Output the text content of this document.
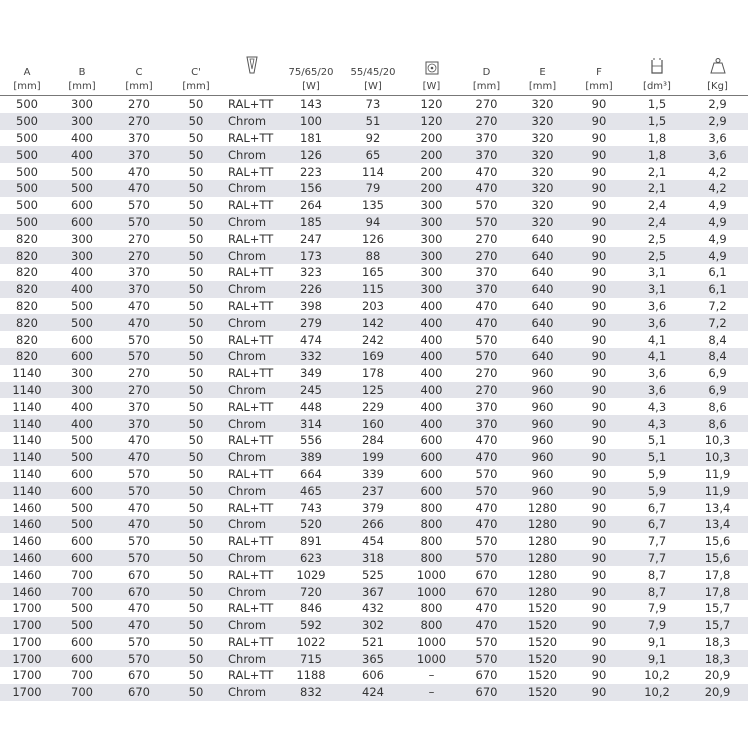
A	B	C	C'		75/65/20	55/45/20		D	E	F	

[mm]	[mm]	[mm]	[mm]		[W]	[W]	[W]	[mm]	[mm]	[mm]	[dm³]	[Kg]
500	300	270	50	RAL+TT	143	73	120	270	320	90	1,5	2,9
500	300	270	50	Chrom	100	51	120	270	320	90	1,5	2,9
500	400	370	50	RAL+TT	181	92	200	370	320	90	1,8	3,6
500	400	370	50	Chrom	126	65	200	370	320	90	1,8	3,6
500	500	470	50	RAL+TT	223	114	200	470	320	90	2,1	4,2
500	500	470	50	Chrom	156	79	200	470	320	90	2,1	4,2
500	600	570	50	RAL+TT	264	135	300	570	320	90	2,4	4,9
500	600	570	50	Chrom	185	94	300	570	320	90	2,4	4,9
820	300	270	50	RAL+TT	247	126	300	270	640	90	2,5	4,9
820	300	270	50	Chrom	173	88	300	270	640	90	2,5	4,9
820	400	370	50	RAL+TT	323	165	300	370	640	90	3,1	6,1
820	400	370	50	Chrom	226	115	300	370	640	90	3,1	6,1
820	500	470	50	RAL+TT	398	203	400	470	640	90	3,6	7,2
820	500	470	50	Chrom	279	142	400	470	640	90	3,6	7,2
820	600	570	50	RAL+TT	474	242	400	570	640	90	4,1	8,4
820	600	570	50	Chrom	332	169	400	570	640	90	4,1	8,4
1140	300	270	50	RAL+TT	349	178	400	270	960	90	3,6	6,9
1140	300	270	50	Chrom	245	125	400	270	960	90	3,6	6,9
1140	400	370	50	RAL+TT	448	229	400	370	960	90	4,3	8,6
1140	400	370	50	Chrom	314	160	400	370	960	90	4,3	8,6
1140	500	470	50	RAL+TT	556	284	600	470	960	90	5,1	10,3
1140	500	470	50	Chrom	389	199	600	470	960	90	5,1	10,3
1140	600	570	50	RAL+TT	664	339	600	570	960	90	5,9	11,9
1140	600	570	50	Chrom	465	237	600	570	960	90	5,9	11,9
1460	500	470	50	RAL+TT	743	379	800	470	1280	90	6,7	13,4
1460	500	470	50	Chrom	520	266	800	470	1280	90	6,7	13,4
1460	600	570	50	RAL+TT	891	454	800	570	1280	90	7,7	15,6
1460	600	570	50	Chrom	623	318	800	570	1280	90	7,7	15,6
1460	700	670	50	RAL+TT	1029	525	1000	670	1280	90	8,7	17,8
1460	700	670	50	Chrom	720	367	1000	670	1280	90	8,7	17,8
1700	500	470	50	RAL+TT	846	432	800	470	1520	90	7,9	15,7
1700	500	470	50	Chrom	592	302	800	470	1520	90	7,9	15,7
1700	600	570	50	RAL+TT	1022	521	1000	570	1520	90	9,1	18,3
1700	600	570	50	Chrom	715	365	1000	570	1520	90	9,1	18,3
1700	700	670	50	RAL+TT	1188	606	–	670	1520	90	10,2	20,9
1700	700	670	50	Chrom	832	424	–	670	1520	90	10,2	20,9
